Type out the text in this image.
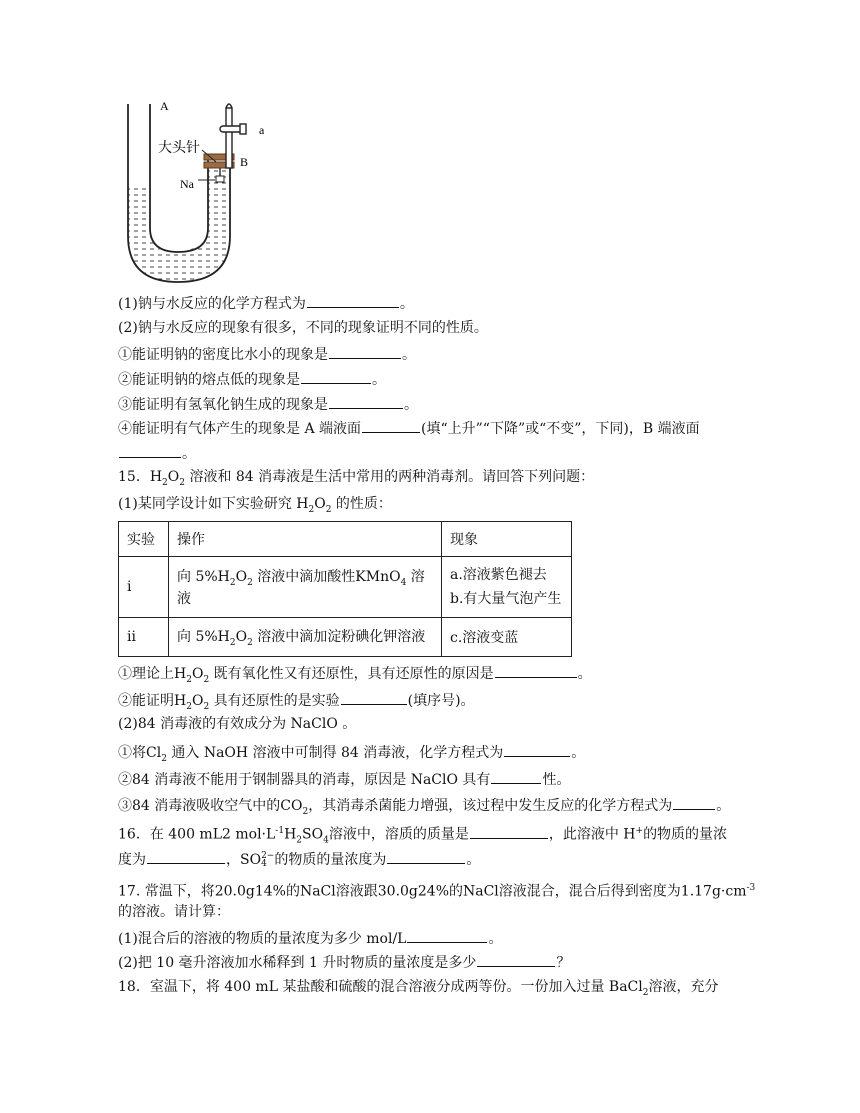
A
a
B
大头针
Na
(1)钠与水反应的化学方程式为	。
(2)钠与水反应的现象有很多，不同的现象证明不同的性质。
①能证明钠的密度比水小的现象是	。
②能证明钠的熔点低的现象是	。
③能证明有氢氧化钠生成的现象是	。
④能证明有气体产生的现象是 A 端液面	(填“上升”“下降”或“不变”，下同)，B 端液面
。
15．$H_2O_2$ 溶液和 84 消毒液是生活中常用的两种消毒剂。请回答下列问题：
(1)某同学设计如下实验研究 $H_2O_2$ 的性质：
实验	操作	现象
i	向 $5\%H_2O_2$ 溶液中滴加酸性KMnO$_4$ 溶液	a.溶液紫色褪去
b.有大量气泡产生

ii	向 $5\%H_2O_2$ 溶液中滴加淀粉碘化钾溶液	c.溶液变蓝
①理论上$H_2O_2$ 既有氧化性又有还原性，具有还原性的原因是	。
②能证明$H_2O_2$ 具有还原性的是实验	(填序号)。
(2)84 消毒液的有效成分为 NaClO 。
①将$Cl_2$ 通入 NaOH 溶液中可制得 84 消毒液，化学方程式为	。
②84 消毒液不能用于钢制器具的消毒，原因是 NaClO 具有	性。
③84 消毒液吸收空气中的$CO_2$，其消毒杀菌能力增强，该过程中发生反应的化学方程式为	。
16．在 400 mL2 $mol\cdot L^{-1}H_2SO_4$溶液中，溶质的质量是	，此溶液中 H+的物质的量浓
度为	，SO 2−
4 的物质的量浓度为	。
17. 常温下，将20.0g14%的NaCl溶液跟30.0g24%的NaCl溶液混合，混合后得到密度为$1.17g\cdot cm^{-3}$
的溶液。请计算：
(1)混合后的溶液的物质的量浓度为多少 mol/L	。
(2)把 10 毫升溶液加水稀释到 1 升时物质的量浓度是多少	？
18．室温下，将 400 mL 某盐酸和硫酸的混合溶液分成两等份。一份加入过量 BaCl$_2$溶液，充分
